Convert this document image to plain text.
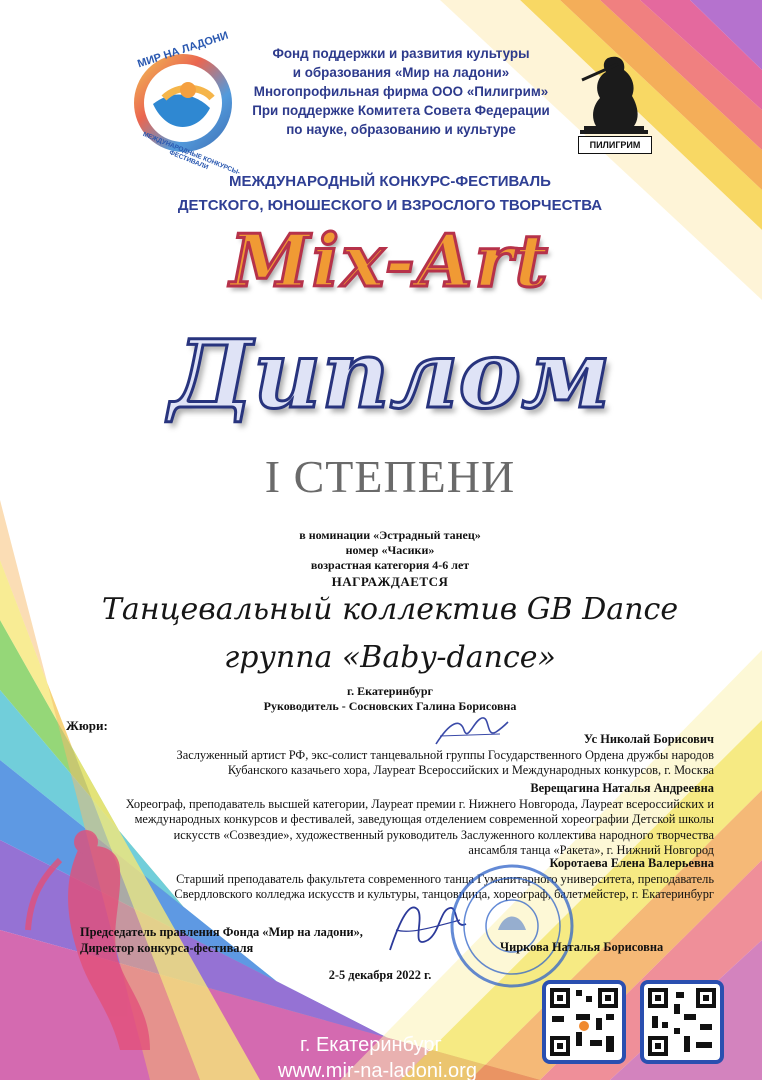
МИР НА ЛАДОНИ
МЕЖДУНАРОДНЫЕ КОНКУРСЫ-ФЕСТИВАЛИ
ПИЛИГРИМ
Фонд поддержки и развития культуры
и образования «Мир на ладони»
Многопрофильная фирма ООО «Пилигрим»
При поддержке Комитета Совета Федерации
по науке, образованию и культуре
МЕЖДУНАРОДНЫЙ КОНКУРС-ФЕСТИВАЛЬ
ДЕТСКОГО, ЮНОШЕСКОГО И ВЗРОСЛОГО ТВОРЧЕСТВА
Mix-Art
Диплом
I СТЕПЕНИ
в номинации «Эстрадный танец»
номер «Часики»
возрастная категория 4-6 лет
НАГРАЖДАЕТСЯ
Танцевальный коллектив GB Dance
группа «Baby-dance»
г. Екатеринбург
Руководитель - Сосновских Галина Борисовна
Жюри:
Ус Николай Борисович
Заслуженный артист РФ, экс-солист танцевальной группы Государственного Ордена дружбы народов
Кубанского казачьего хора, Лауреат Всероссийских и Международных конкурсов, г. Москва
Верещагина Наталья Андреевна
Хореограф, преподаватель высшей категории, Лауреат премии г. Нижнего Новгорода, Лауреат всероссийских и
международных конкурсов и фестивалей, заведующая отделением современной хореографии Детской школы
искусств «Созвездие», художественный руководитель Заслуженного коллектива народного творчества
ансамбля танца «Ракета», г. Нижний Новгород
Коротаева Елена Валерьевна
Старший преподаватель факультета современного танца Гуманитарного университета, преподаватель
Свердловского колледжа искусств и культуры, танцовщица, хореограф, балетмейстер, г. Екатеринбург
Председатель правления Фонда «Мир на ладони»,
Директор конкурса-фестиваля	Чиркова Наталья Борисовна
2-5 декабря 2022 г.
г. Екатеринбург
www.mir-na-ladoni.org
